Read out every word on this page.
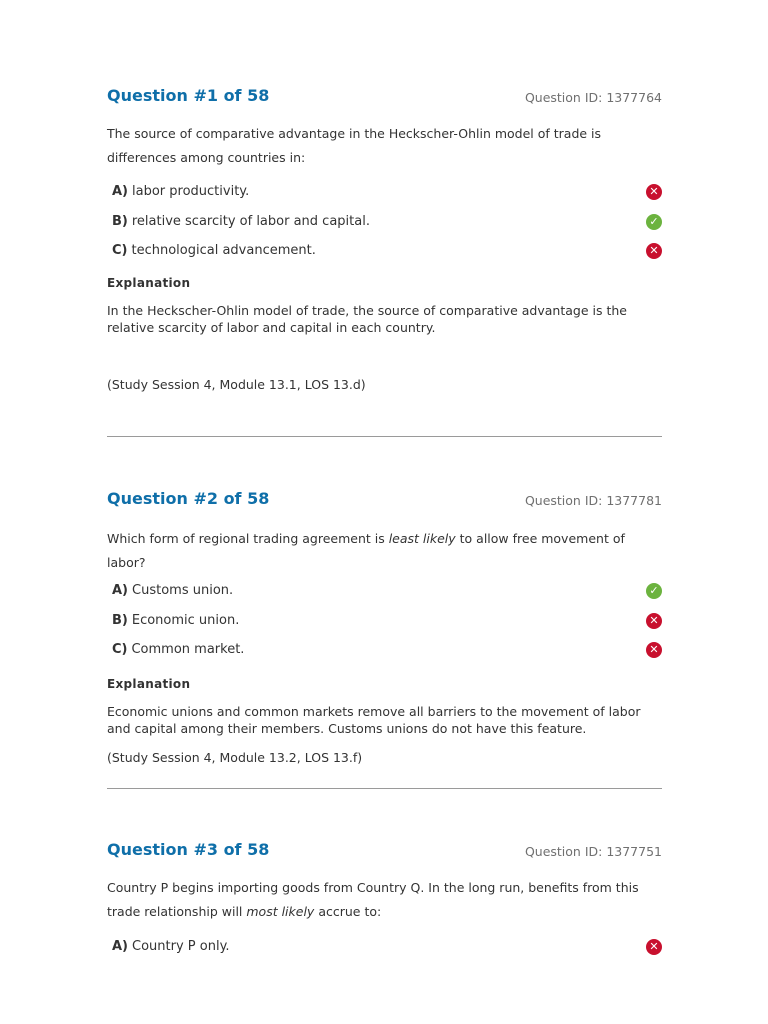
Question #1 of 58	Question ID: 1377764

The source of comparative advantage in the Heckscher-Ohlin model of trade is differences among countries in:

A) labor productivity.	✕
B) relative scarcity of labor and capital.	✓
C) technological advancement.	✕

Explanation

In the Heckscher-Ohlin model of trade, the source of comparative advantage is the relative scarcity of labor and capital in each country.

(Study Session 4, Module 13.1, LOS 13.d)

Question #2 of 58	Question ID: 1377781

Which form of regional trading agreement is least likely to allow free movement of labor?

A) Customs union.	✓
B) Economic union.	✕
C) Common market.	✕

Explanation

Economic unions and common markets remove all barriers to the movement of labor and capital among their members. Customs unions do not have this feature.

(Study Session 4, Module 13.2, LOS 13.f)

Question #3 of 58	Question ID: 1377751

Country P begins importing goods from Country Q. In the long run, benefits from this trade relationship will most likely accrue to:

A) Country P only.	✕
